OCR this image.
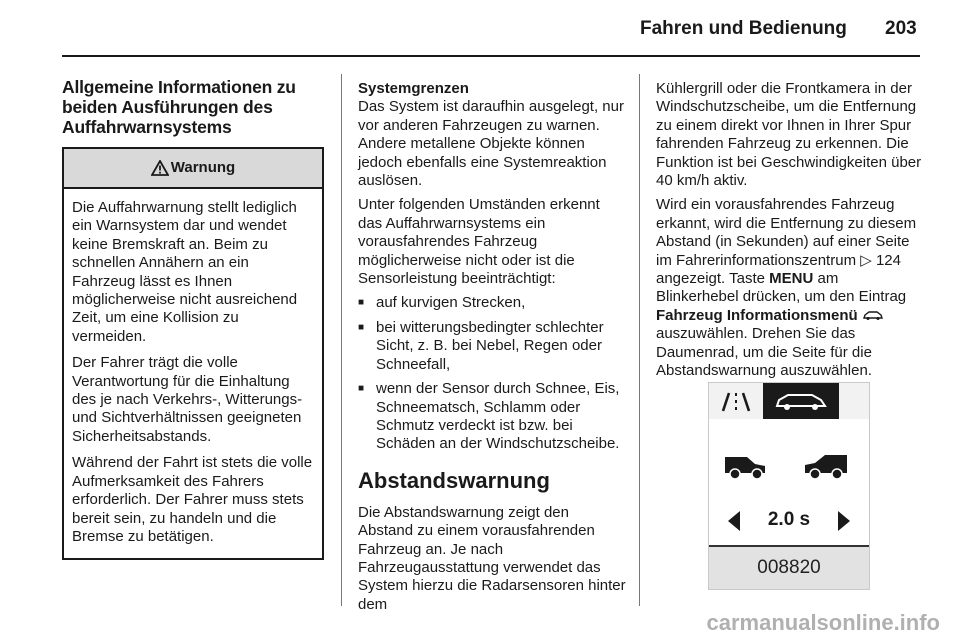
Fahren und Bedienung 203
Allgemeine Informationen zu beiden Ausführungen des Auffahrwarnsystems
Warnung

Die Auffahrwarnung stellt lediglich ein Warnsystem dar und wendet keine Bremskraft an. Beim zu schnellen Annähern an ein Fahrzeug lässt es Ihnen möglicherweise nicht ausreichend Zeit, um eine Kollision zu vermeiden.

Der Fahrer trägt die volle Verantwortung für die Einhaltung des je nach Verkehrs-, Witterungs- und Sichtverhältnissen geeigneten Sicherheitsabstands.

Während der Fahrt ist stets die volle Aufmerksamkeit des Fahrers erforderlich. Der Fahrer muss stets bereit sein, zu handeln und die Bremse zu betätigen.

Systemgrenzen

Das System ist daraufhin ausgelegt, nur vor anderen Fahrzeugen zu warnen. Andere metallene Objekte können jedoch ebenfalls eine Systemreaktion auslösen.

Unter folgenden Umständen erkennt das Auffahrwarnsystems ein vorausfahrendes Fahrzeug möglicherweise nicht oder ist die Sensorleistung beeinträchtigt:

■ auf kurvigen Strecken,
■ bei witterungsbedingter schlechter Sicht, z. B. bei Nebel, Regen oder Schneefall,
■ wenn der Sensor durch Schnee, Eis, Schneematsch, Schlamm oder Schmutz verdeckt ist bzw. bei Schäden an der Windschutzscheibe.
Abstandswarnung

Die Abstandswarnung zeigt den Abstand zu einem vorausfahrenden Fahrzeug an. Je nach Fahrzeugausstattung verwendet das System hierzu die Radarsensoren hinter dem

Kühlergrill oder die Frontkamera in der Windschutzscheibe, um die Entfernung zu einem direkt vor Ihnen in Ihrer Spur fahrenden Fahrzeug zu erkennen. Die Funktion ist bei Geschwindigkeiten über 40 km/h aktiv.

Wird ein vorausfahrendes Fahrzeug erkannt, wird die Entfernung zu diesem Abstand (in Sekunden) auf einer Seite im Fahrerinformationszentrum ▷ 124 angezeigt. Taste MENU am Blinkerhebel drücken, um den Eintrag Fahrzeug Informationsmenü  auszuwählen. Drehen Sie das Daumenrad, um die Seite für die Abstandswarnung auszuwählen.

2.0 s
008820
carmanualsonline.info
